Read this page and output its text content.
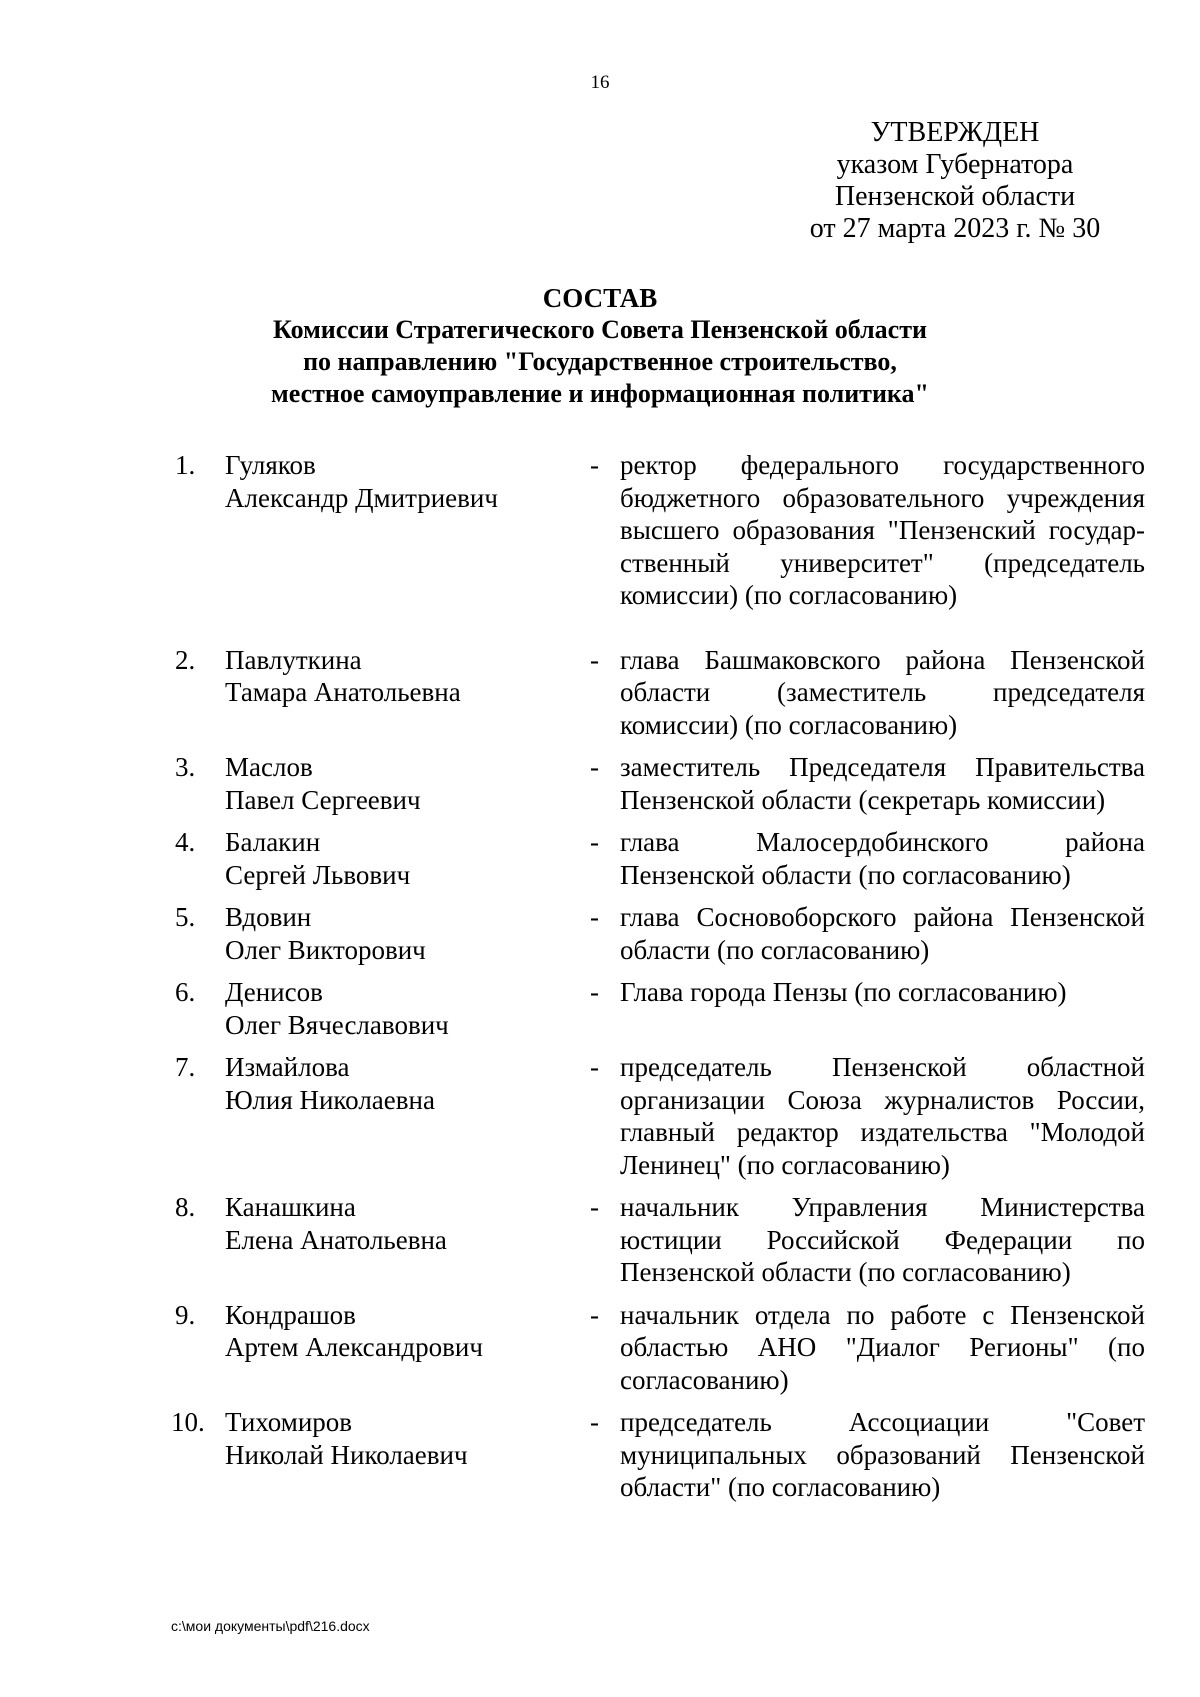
16
УТВЕРЖДЕН
указом Губернатора
Пензенской области
от 27 марта 2023 г. № 30
СОСТАВ
Комиссии Стратегического Совета Пензенской области
по направлению "Государственное строительство,
местное самоуправление и информационная политика"
1.	Гуляков
Александр Дмитриевич
- ректор федерального государственного бюджетного образовательного учреждения высшего образования "Пензенский государственный университет" (председатель комиссии) (по согласованию)
2.	Павлуткина
Тамара Анатольевна
- глава Башмаковского района Пензенской области (заместитель председателя комиссии) (по согласованию)
3.	Маслов
Павел Сергеевич
- заместитель Председателя Правительства Пензенской области (секретарь комиссии)
4.	Балакин
Сергей Львович
- глава Малосердобинского района Пензенской области (по согласованию)
5.	Вдовин
Олег Викторович
- глава Сосновоборского района Пензенской области (по согласованию)
6.	Денисов
Олег Вячеславович
- Глава города Пензы (по согласованию)
7.	Измайлова
Юлия Николаевна
- председатель Пензенской областной организации Союза журналистов России, главный редактор издательства "Молодой Ленинец" (по согласованию)
8.	Канашкина
Елена Анатольевна
- начальник Управления Министерства юстиции Российской Федерации по Пензенской области (по согласованию)
9.	Кондрашов
Артем Александрович
- начальник отдела по работе с Пензенской областью АНО "Диалог Регионы" (по согласованию)
10. Тихомиров
Николай Николаевич
- председатель Ассоциации "Совет муниципальных образований Пензенской области" (по согласованию)
c:\мои документы\pdf\216.docx
